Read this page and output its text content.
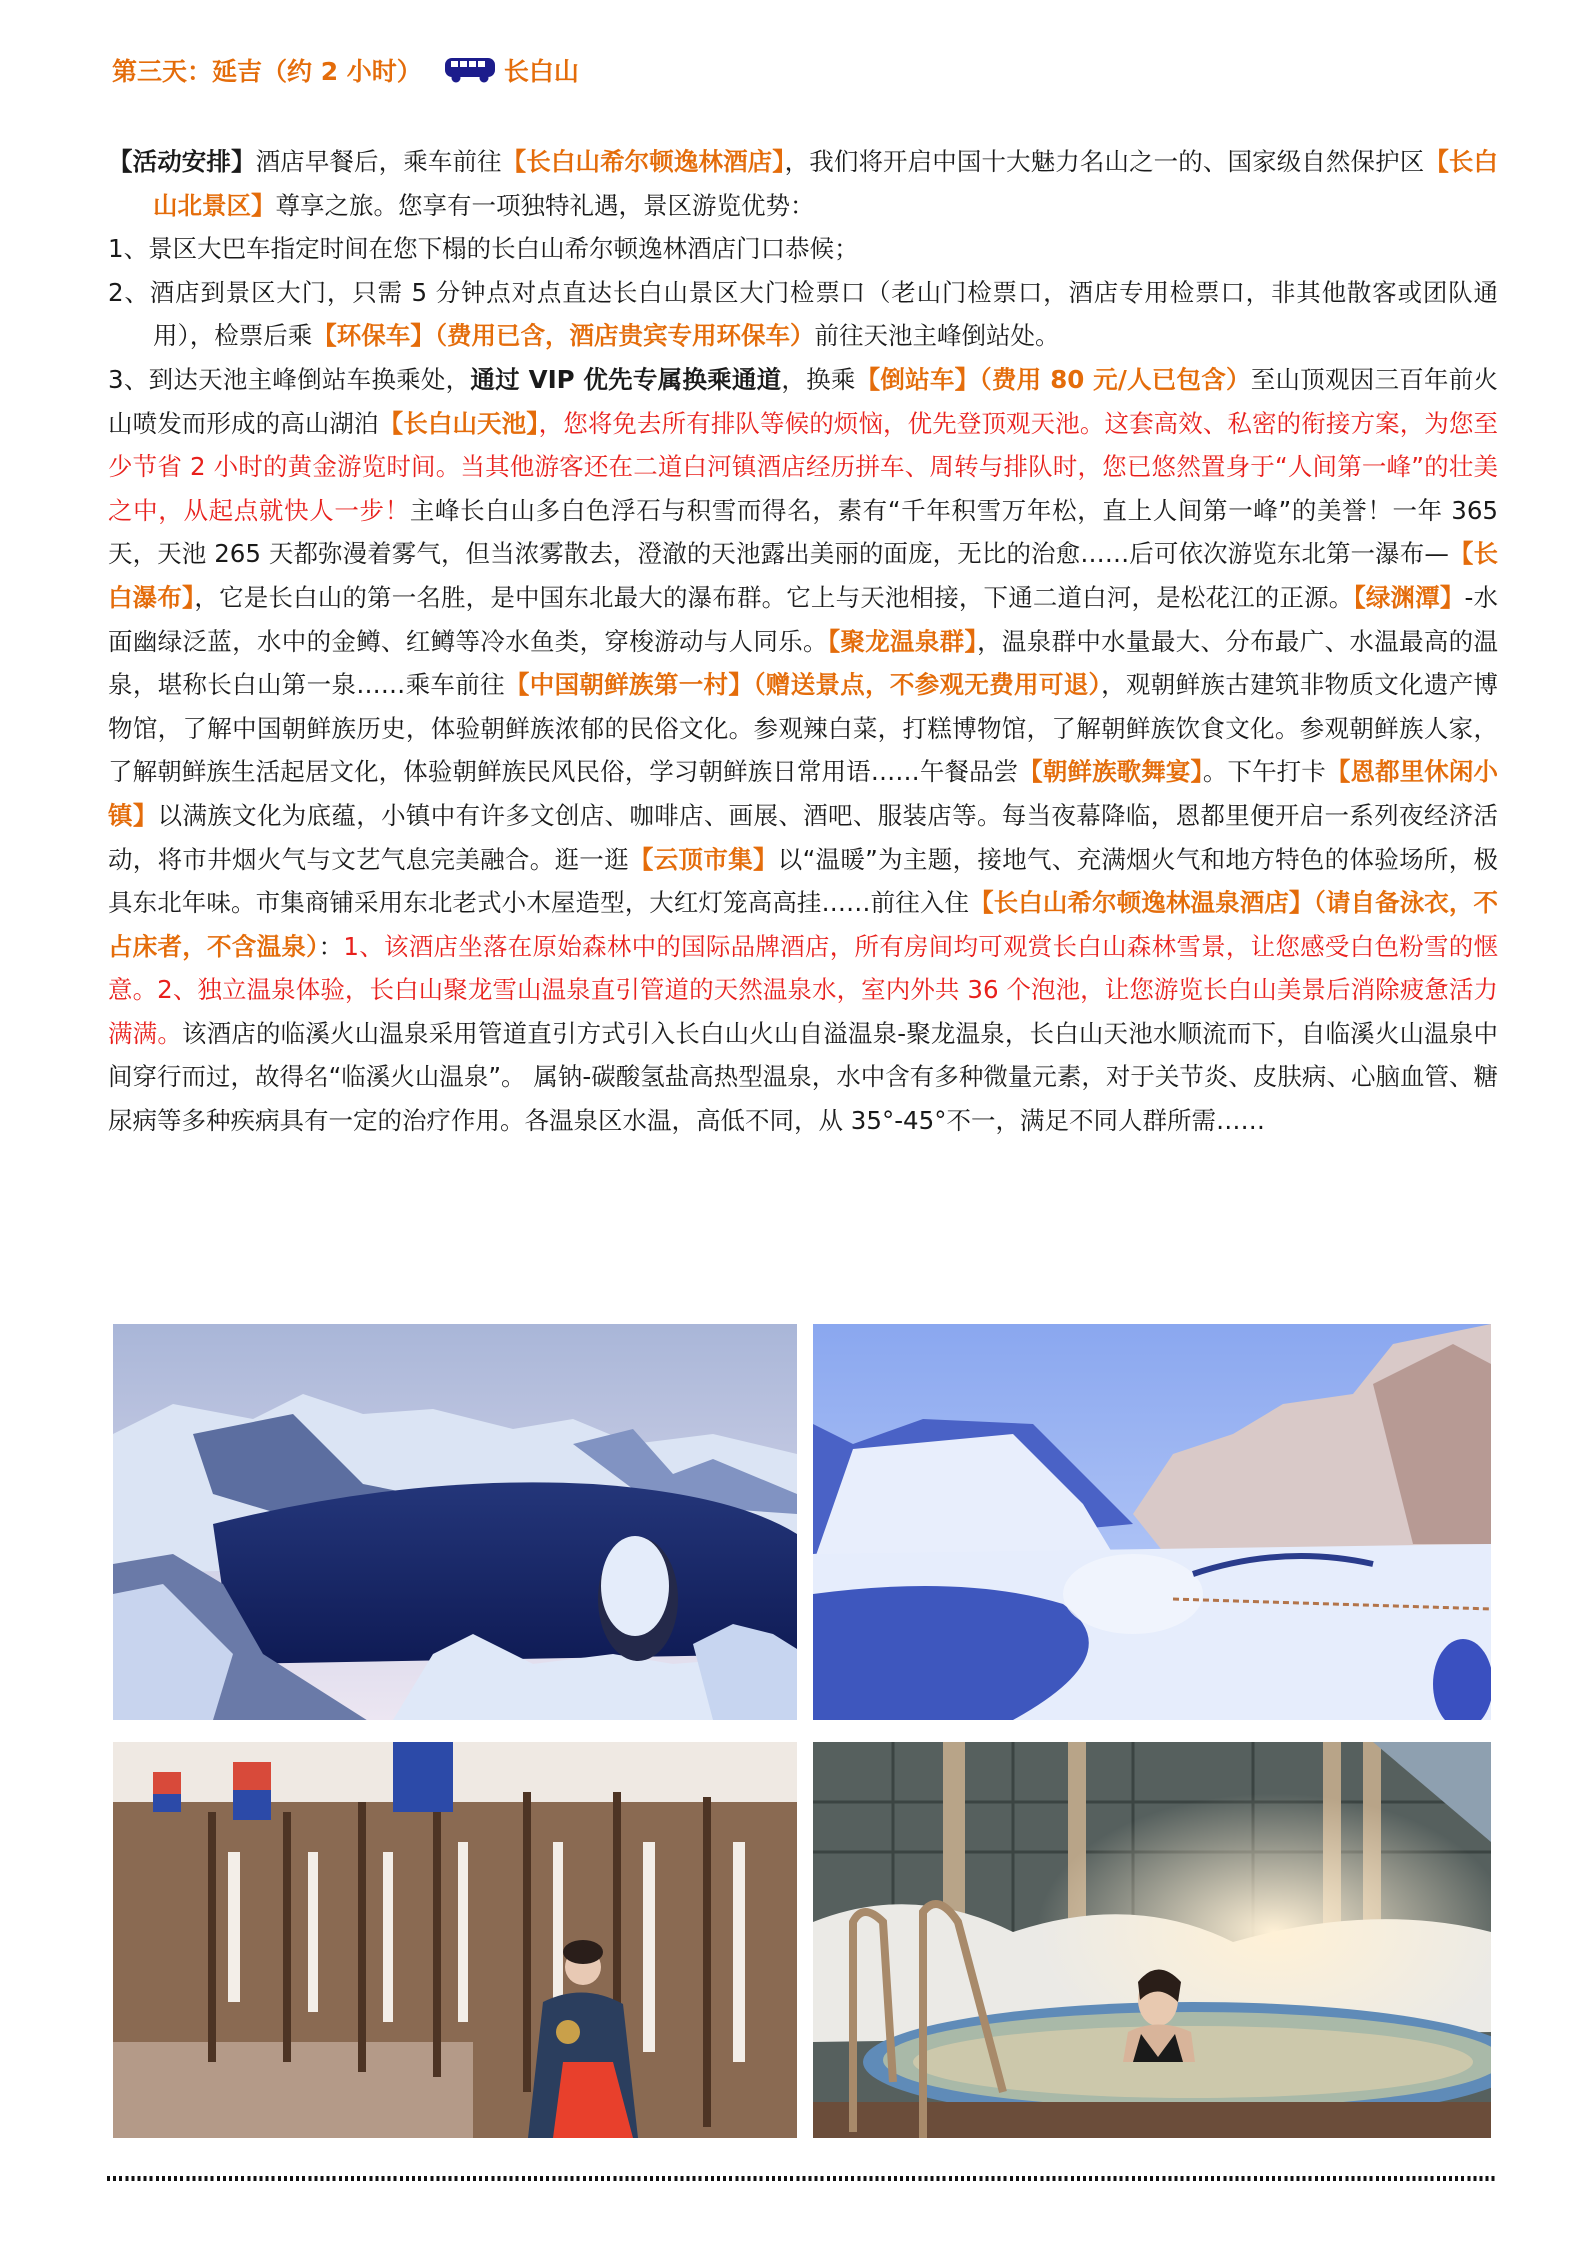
第三天：延吉（约 2 小时）	长白山

【活动安排】酒店早餐后，乘车前往【长白山希尔顿逸林酒店】，我们将开启中国十大魅力名山之一的、国家级自然保护区【长白山北景区】尊享之旅。您享有一项独特礼遇，景区游览优势：

1、景区大巴车指定时间在您下榻的长白山希尔顿逸林酒店门口恭候；

2、酒店到景区大门，只需 5 分钟点对点直达长白山景区大门检票口（老山门检票口，酒店专用检票口，非其他散客或团队通用），检票后乘【环保车】（费用已含，酒店贵宾专用环保车）前往天池主峰倒站处。

3、到达天池主峰倒站车换乘处，通过 VIP 优先专属换乘通道，换乘【倒站车】（费用 80 元/人已包含）至山顶观因三百年前火山喷发而形成的高山湖泊【长白山天池】，您将免去所有排队等候的烦恼，优先登顶观天池。这套高效、私密的衔接方案，为您至少节省 2 小时的黄金游览时间。当其他游客还在二道白河镇酒店经历拼车、周转与排队时，您已悠然置身于“人间第一峰”的壮美之中，从起点就快人一步！主峰长白山多白色浮石与积雪而得名，素有“千年积雪万年松，直上人间第一峰”的美誉！一年 365 天，天池 265 天都弥漫着雾气，但当浓雾散去，澄澈的天池露出美丽的面庞，无比的治愈……后可依次游览东北第一瀑布—【长白瀑布】，它是长白山的第一名胜，是中国东北最大的瀑布群。它上与天池相接，下通二道白河，是松花江的正源。【绿渊潭】-水面幽绿泛蓝，水中的金鳟、红鳟等冷水鱼类，穿梭游动与人同乐。【聚龙温泉群】，温泉群中水量最大、分布最广、水温最高的温泉，堪称长白山第一泉……乘车前往【中国朝鲜族第一村】（赠送景点，不参观无费用可退），观朝鲜族古建筑非物质文化遗产博物馆，了解中国朝鲜族历史，体验朝鲜族浓郁的民俗文化。参观辣白菜，打糕博物馆，了解朝鲜族饮食文化。参观朝鲜族人家，了解朝鲜族生活起居文化，体验朝鲜族民风民俗，学习朝鲜族日常用语……午餐品尝【朝鲜族歌舞宴】。下午打卡【恩都里休闲小镇】以满族文化为底蕴，小镇中有许多文创店、咖啡店、画展、酒吧、服装店等。每当夜幕降临，恩都里便开启一系列夜经济活动，将市井烟火气与文艺气息完美融合。逛一逛【云顶市集】以“温暖”为主题，接地气、充满烟火气和地方特色的体验场所，极具东北年味。市集商铺采用东北老式小木屋造型，大红灯笼高高挂……前往入住【长白山希尔顿逸林温泉酒店】（请自备泳衣，不占床者，不含温泉）：1、该酒店坐落在原始森林中的国际品牌酒店，所有房间均可观赏长白山森林雪景，让您感受白色粉雪的惬意。2、独立温泉体验，长白山聚龙雪山温泉直引管道的天然温泉水，室内外共 36 个泡池，让您游览长白山美景后消除疲惫活力满满。该酒店的临溪火山温泉采用管道直引方式引入长白山火山自溢温泉-聚龙温泉，长白山天池水顺流而下，自临溪火山温泉中间穿行而过，故得名“临溪火山温泉”。 属钠-碳酸氢盐高热型温泉，水中含有多种微量元素，对于关节炎、皮肤病、心脑血管、糖尿病等多种疾病具有一定的治疗作用。各温泉区水温，高低不同，从 35°-45°不一，满足不同人群所需……
